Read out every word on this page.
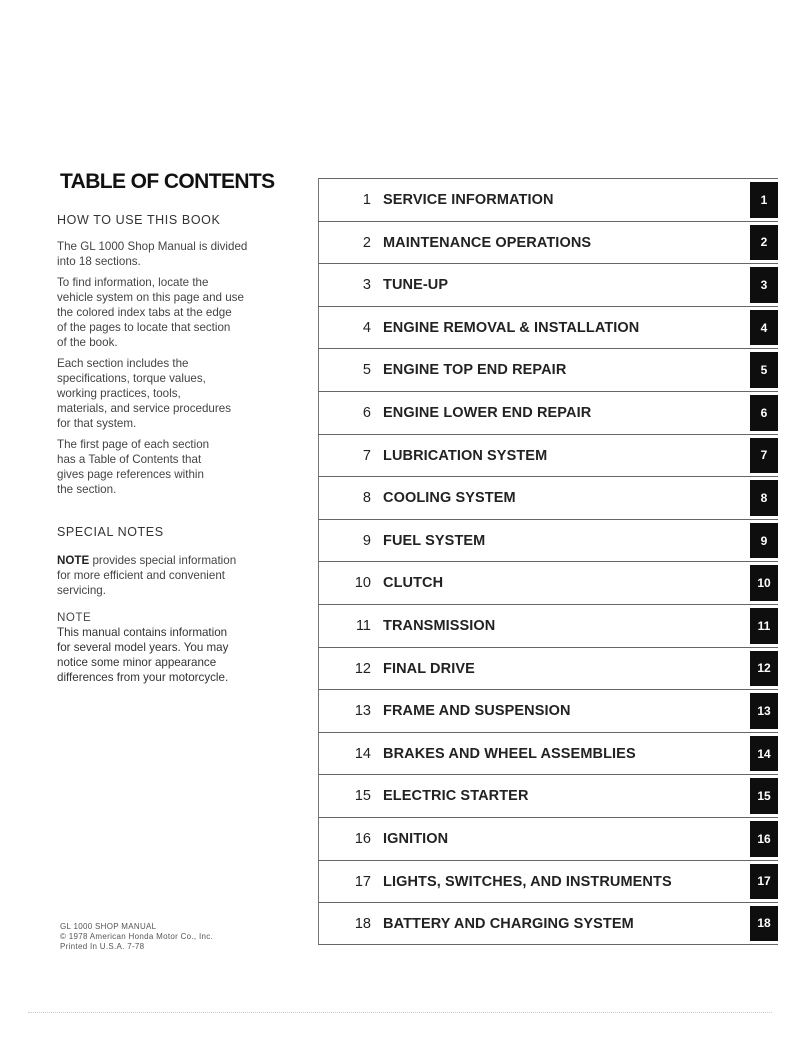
TABLE OF CONTENTS
HOW TO USE THIS BOOK
The GL 1000 Shop Manual is divided
into 18 sections.
To find information, locate the
vehicle system on this page and use
the colored index tabs at the edge
of the pages to locate that section
of the book.
Each section includes the
specifications, torque values,
working practices, tools,
materials, and service procedures
for that system.
The first page of each section
has a Table of Contents that
gives page references within
the section.
SPECIAL NOTES
NOTE provides special information
for more efficient and convenient
servicing.
NOTE
This manual contains information
for several model years. You may
notice some minor appearance
differences from your motorcycle.
GL 1000 SHOP MANUAL
© 1978 American Honda Motor Co., Inc.
Printed In U.S.A. 7-78
1 SERVICE INFORMATION	1
2 MAINTENANCE OPERATIONS	2
3 TUNE-UP	3
4 ENGINE REMOVAL & INSTALLATION	4
5 ENGINE TOP END REPAIR	5
6 ENGINE LOWER END REPAIR	6
7 LUBRICATION SYSTEM	7
8 COOLING SYSTEM	8
9 FUEL SYSTEM	9
10 CLUTCH	10
11 TRANSMISSION	11
12 FINAL DRIVE	12
13 FRAME AND SUSPENSION	13
14 BRAKES AND WHEEL ASSEMBLIES	14
15 ELECTRIC STARTER	15
16 IGNITION	16
17 LIGHTS, SWITCHES, AND INSTRUMENTS	17
18 BATTERY AND CHARGING SYSTEM	18
